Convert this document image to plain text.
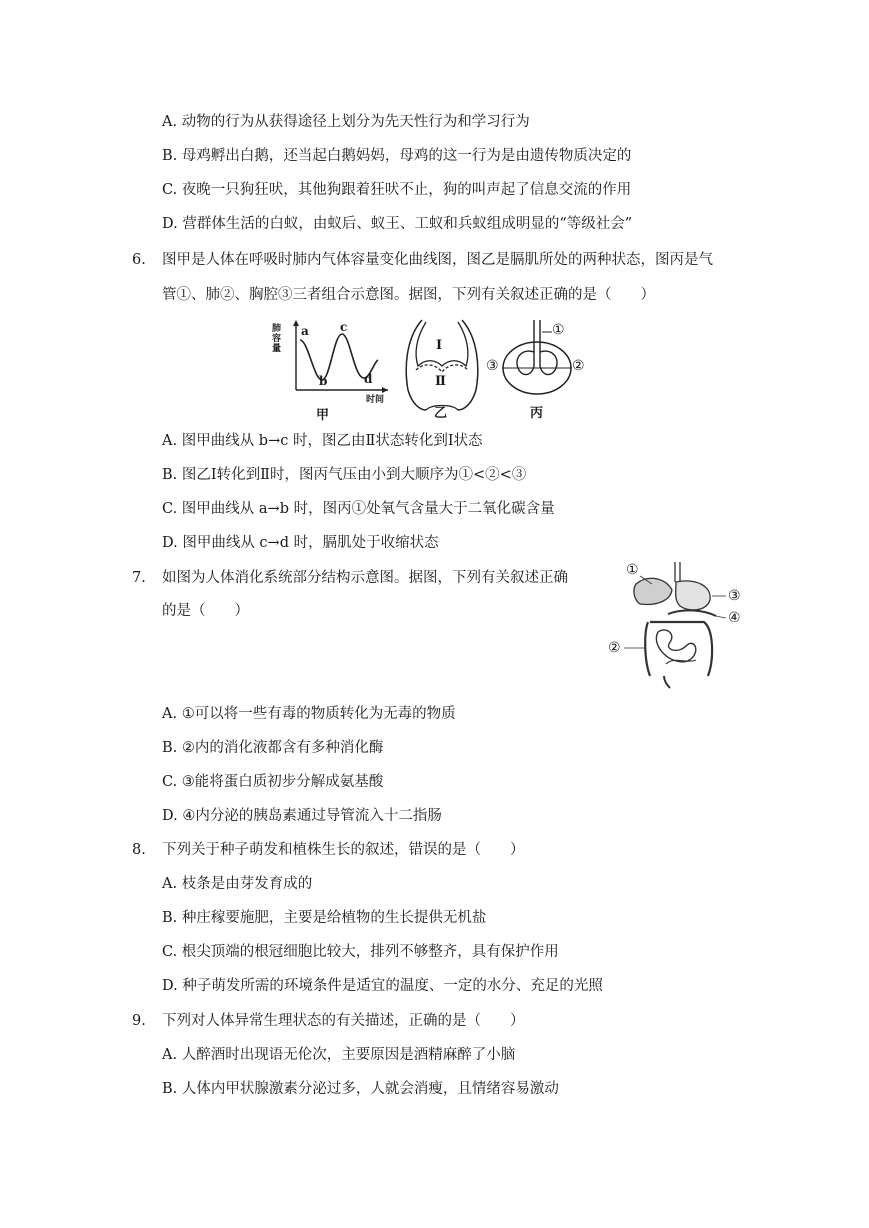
A. 动物的行为从获得途径上划分为先天性行为和学习行为
B. 母鸡孵出白鹅，还当起白鹅妈妈，母鸡的这一行为是由遗传物质决定的
C. 夜晚一只狗狂吠，其他狗跟着狂吠不止，狗的叫声起了信息交流的作用
D. 营群体生活的白蚁，由蚁后、蚁王、工蚁和兵蚁组成明显的“等级社会”
6. 图甲是人体在呼吸时肺内气体容量变化曲线图，图乙是膈肌所处的两种状态，图丙是气
管①、肺②、胸腔③三者组合示意图。据图，下列有关叙述正确的是（　　）
肺容量
a
b
c
d
时间
甲
Ⅰ
Ⅱ
乙
①
②
③
丙
A. 图甲曲线从 b→c 时，图乙由Ⅱ状态转化到Ⅰ状态
B. 图乙Ⅰ转化到Ⅱ时，图丙气压由小到大顺序为①<②<③
C. 图甲曲线从 a→b 时，图丙①处氧气含量大于二氧化碳含量
D. 图甲曲线从 c→d 时，膈肌处于收缩状态
7. 如图为人体消化系统部分结构示意图。据图，下列有关叙述正确
的是（　　）
①
②
③
④
A. ①可以将一些有毒的物质转化为无毒的物质
B. ②内的消化液都含有多种消化酶
C. ③能将蛋白质初步分解成氨基酸
D. ④内分泌的胰岛素通过导管流入十二指肠
8. 下列关于种子萌发和植株生长的叙述，错误的是（　　）
A. 枝条是由芽发育成的
B. 种庄稼要施肥，主要是给植物的生长提供无机盐
C. 根尖顶端的根冠细胞比较大，排列不够整齐，具有保护作用
D. 种子萌发所需的环境条件是适宜的温度、一定的水分、充足的光照
9. 下列对人体异常生理状态的有关描述，正确的是（　　）
A. 人醉酒时出现语无伦次，主要原因是酒精麻醉了小脑
B. 人体内甲状腺激素分泌过多，人就会消瘦，且情绪容易激动
